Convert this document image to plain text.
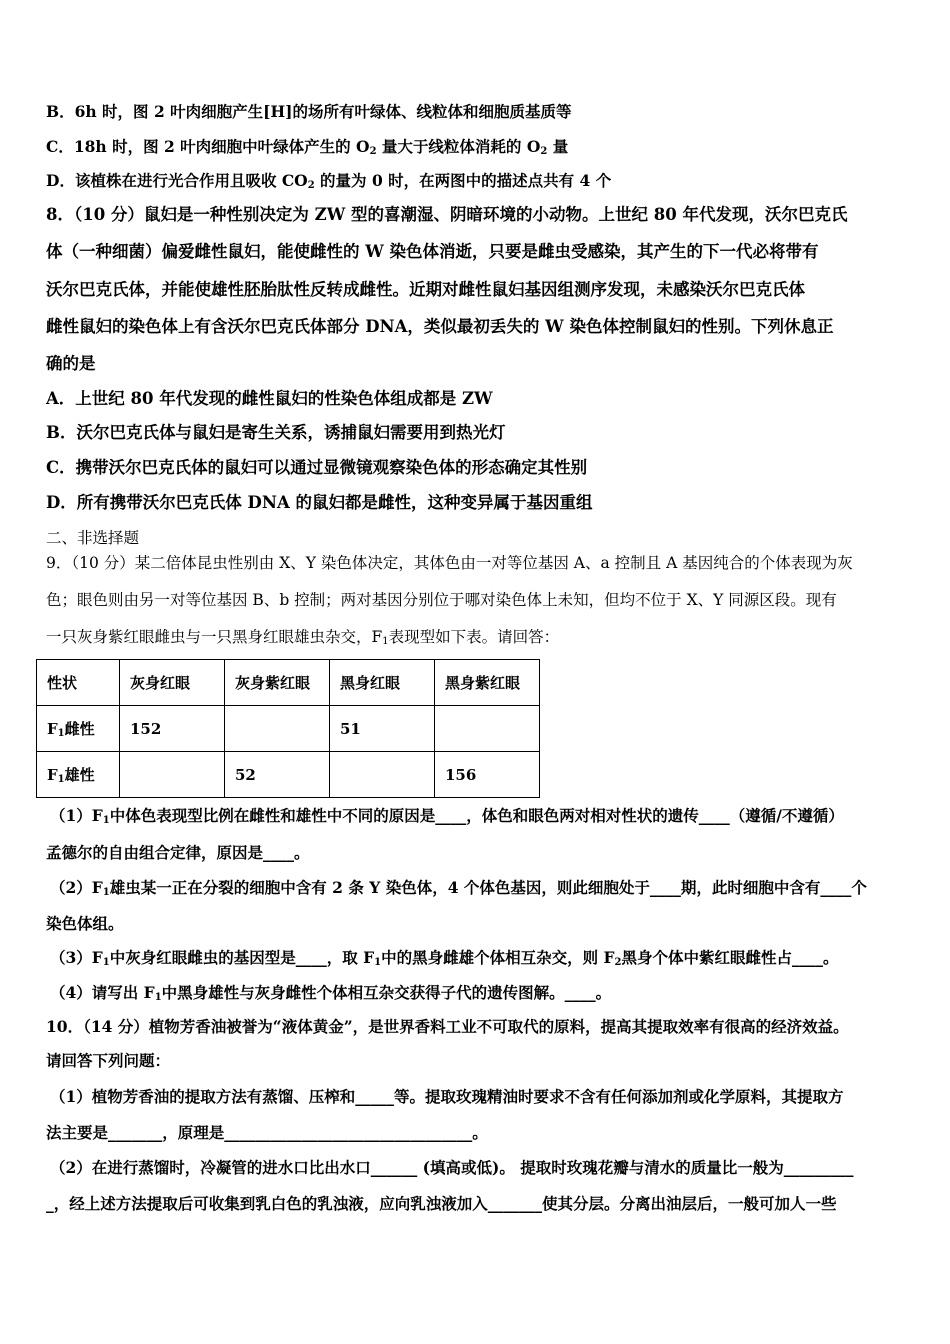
B．6h 时，图 2 叶肉细胞产生[H]的场所有叶绿体、线粒体和细胞质基质等
C．18h 时，图 2 叶肉细胞中叶绿体产生的 $O_2$ 量大于线粒体消耗的 $O_2$ 量
D．该植株在进行光合作用且吸收 $CO_2$ 的量为 0 时，在两图中的描述点共有 4 个
8．（10 分）鼠妇是一种性别决定为 ZW 型的喜潮湿、阴暗环境的小动物。上世纪 80 年代发现，沃尔巴克氏
体（一种细菌）偏爱雌性鼠妇，能使雌性的 W 染色体消逝，只要是雌虫受感染，其产生的下一代必将带有
沃尔巴克氏体，并能使雄性胚胎肽性反转成雌性。近期对雌性鼠妇基因组测序发现，未感染沃尔巴克氏体
雌性鼠妇的染色体上有含沃尔巴克氏体部分 DNA，类似最初丢失的 W 染色体控制鼠妇的性别。下列休息正
确的是
A．上世纪 80 年代发现的雌性鼠妇的性染色体组成都是 ZW
B．沃尔巴克氏体与鼠妇是寄生关系，诱捕鼠妇需要用到热光灯
C．携带沃尔巴克氏体的鼠妇可以通过显微镜观察染色体的形态确定其性别
D．所有携带沃尔巴克氏体 DNA 的鼠妇都是雌性，这种变异属于基因重组
二、非选择题
9．（10 分）某二倍体昆虫性别由 X、Y 染色体决定，其体色由一对等位基因 A、a 控制且 A 基因纯合的个体表现为灰
色；眼色则由另一对等位基因 B、b 控制；两对基因分别位于哪对染色体上未知，但均不位于 X、Y 同源区段。现有
一只灰身紫红眼雌虫与一只黑身红眼雄虫杂交，$F_1$表现型如下表。请回答：
性状	灰身红眼	灰身紫红眼	黑身红眼	黑身紫红眼
$F_1$雌性	152		51	
$F_1$雄性		52		156
$(1)F_1$中体色表现型比例在雌性和雄性中不同的原因是____，体色和眼色两对相对性状的遗传____（遵循/不遵循）
孟德尔的自由组合定律，原因是____。
$(2)F_1$雄虫某一正在分裂的细胞中含有 2 条 Y 染色体，4 个体色基因，则此细胞处于____期，此时细胞中含有____个
染色体组。
$(3)F_1$中灰身红眼雌虫的基因型是____，取 $F_1$中的黑身雌雄个体相互杂交，则 $F_2$黑身个体中紫红眼雌性占____。
（4）请写出 $F_1$中黑身雄性与灰身雌性个体相互杂交获得子代的遗传图解。____。
10．（14 分）植物芳香油被誉为“液体黄金”，是世界香料工业不可取代的原料，提高其提取效率有很高的经济效益。
请回答下列问题：
（1）植物芳香油的提取方法有蒸馏、压榨和_____等。提取玫瑰精油时要求不含有任何添加剂或化学原料，其提取方
法主要是_______，原理是________________________________。
（2）在进行蒸馏时，冷凝管的进水口比出水口______ (填高或低)。 提取时玫瑰花瓣与清水的质量比一般为_________
_，经上述方法提取后可收集到乳白色的乳浊液，应向乳浊液加入_______使其分层。分离出油层后，一般可加人一些
